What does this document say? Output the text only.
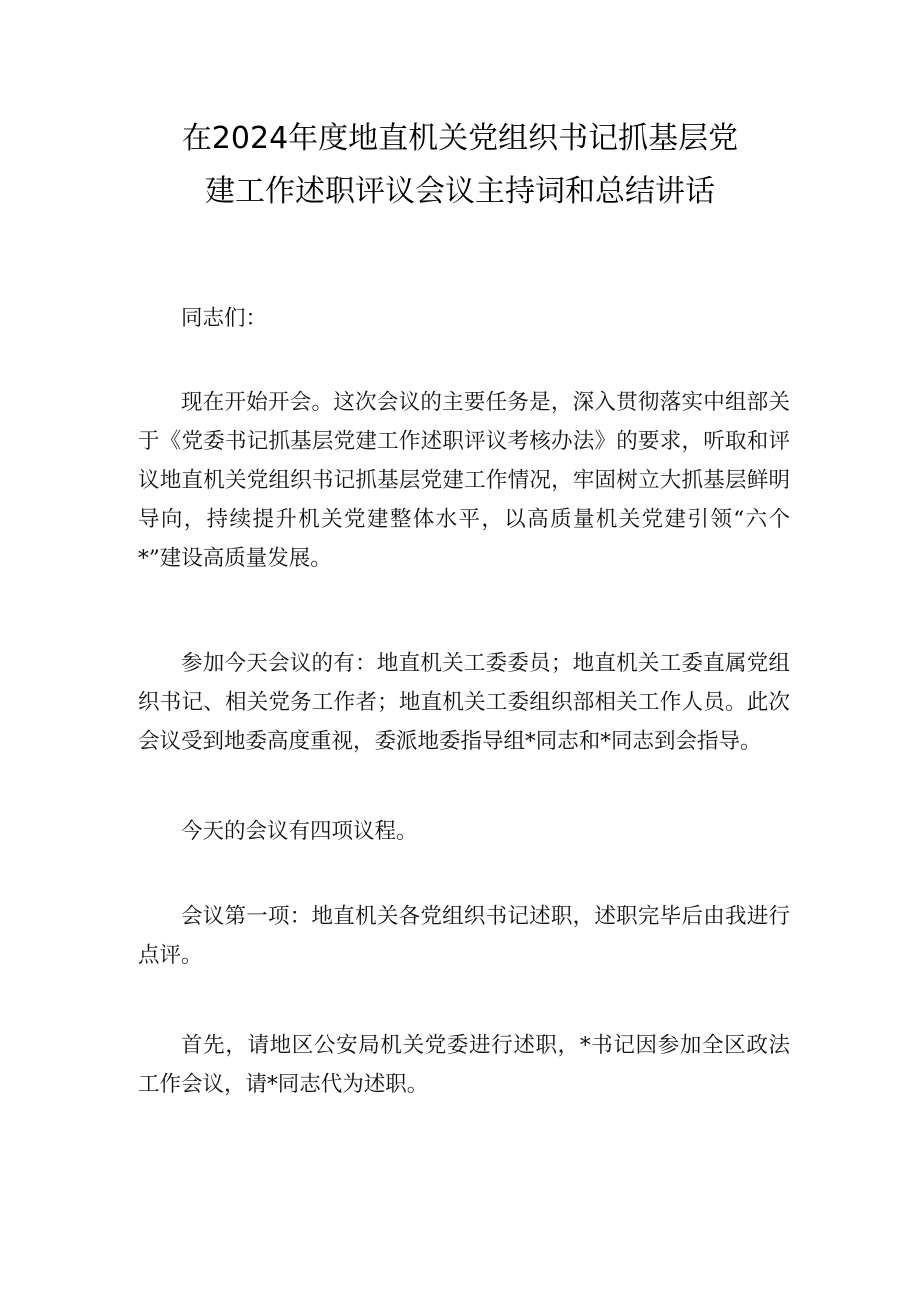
在2024年度地直机关党组织书记抓基层党
建工作述职评议会议主持词和总结讲话

同志们：

现在开始开会。这次会议的主要任务是，深入贯彻落实中组部关于《党委书记抓基层党建工作述职评议考核办法》的要求，听取和评议地直机关党组织书记抓基层党建工作情况，牢固树立大抓基层鲜明导向，持续提升机关党建整体水平，以高质量机关党建引领“六个*”建设高质量发展。

参加今天会议的有：地直机关工委委员；地直机关工委直属党组织书记、相关党务工作者；地直机关工委组织部相关工作人员。此次会议受到地委高度重视，委派地委指导组*同志和*同志到会指导。

今天的会议有四项议程。

会议第一项：地直机关各党组织书记述职，述职完毕后由我进行点评。

首先，请地区公安局机关党委进行述职，*书记因参加全区政法工作会议，请*同志代为述职。
